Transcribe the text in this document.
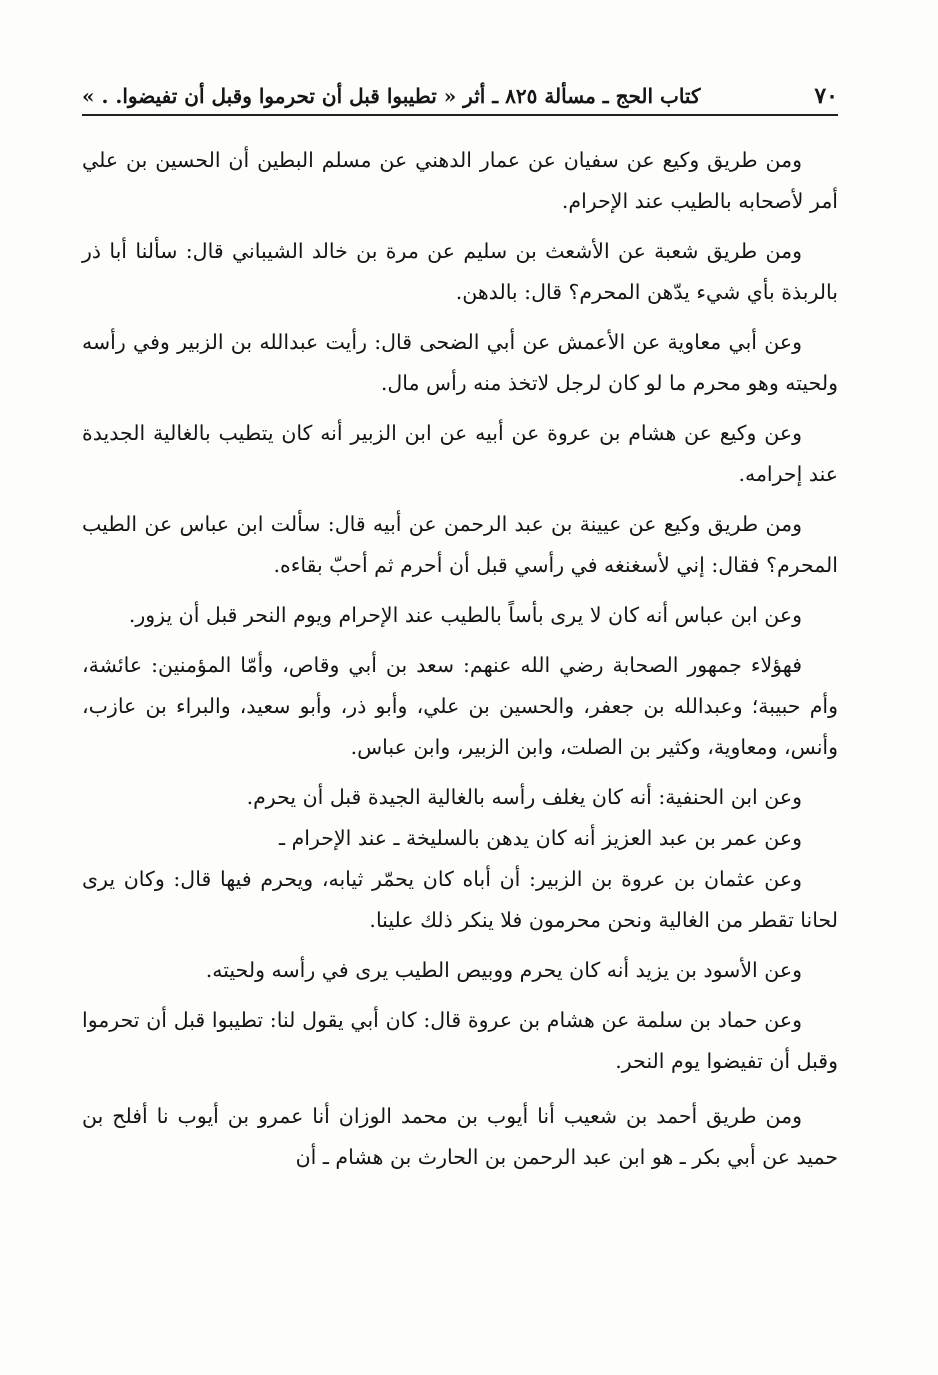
٧٠
كتاب الحج ـ مسألة ٨٢٥ ـ أثر « تطيبوا قبل أن تحرموا وقبل أن تفيضوا. . »

ومن طريق وكيع عن سفيان عن عمار الدهني عن مسلم البطين أن الحسين بن علي أمر لأصحابه بالطيب عند الإحرام.

ومن طريق شعبة عن الأشعث بن سليم عن مرة بن خالد الشيباني قال: سألنا أبا ذر بالربذة بأي شيء يدّهن المحرم؟ قال: بالدهن.

وعن أبي معاوية عن الأعمش عن أبي الضحى قال: رأيت عبدالله بن الزبير وفي رأسه ولحيته وهو محرم ما لو كان لرجل لاتخذ منه رأس مال.

وعن وكيع عن هشام بن عروة عن أبيه عن ابن الزبير أنه كان يتطيب بالغالية الجديدة عند إحرامه.

ومن طريق وكيع عن عيينة بن عبد الرحمن عن أبيه قال: سألت ابن عباس عن الطيب المحرم؟ فقال: إني لأسغنغه في رأسي قبل أن أحرم ثم أحبّ بقاءه.

وعن ابن عباس أنه كان لا يرى بأساً بالطيب عند الإحرام ويوم النحر قبل أن يزور.

فهؤلاء جمهور الصحابة رضي الله عنهم: سعد بن أبي وقاص، وأمّا المؤمنين: عائشة، وأم حبيبة؛ وعبدالله بن جعفر، والحسين بن علي، وأبو ذر، وأبو سعيد، والبراء بن عازب، وأنس، ومعاوية، وكثير بن الصلت، وابن الزبير، وابن عباس.

وعن ابن الحنفية: أنه كان يغلف رأسه بالغالية الجيدة قبل أن يحرم.

وعن عمر بن عبد العزيز أنه كان يدهن بالسليخة ـ عند الإحرام ـ

وعن عثمان بن عروة بن الزبير: أن أباه كان يحمّر ثيابه، ويحرم فيها قال: وكان يرى لحانا تقطر من الغالية ونحن محرمون فلا ينكر ذلك علينا.

وعن الأسود بن يزيد أنه كان يحرم ووبيص الطيب يرى في رأسه ولحيته.

وعن حماد بن سلمة عن هشام بن عروة قال: كان أبي يقول لنا: تطيبوا قبل أن تحرموا وقبل أن تفيضوا يوم النحر.

ومن طريق أحمد بن شعيب أنا أيوب بن محمد الوزان أنا عمرو بن أيوب نا أفلح بن حميد عن أبي بكر ـ هو ابن عبد الرحمن بن الحارث بن هشام ـ أن
